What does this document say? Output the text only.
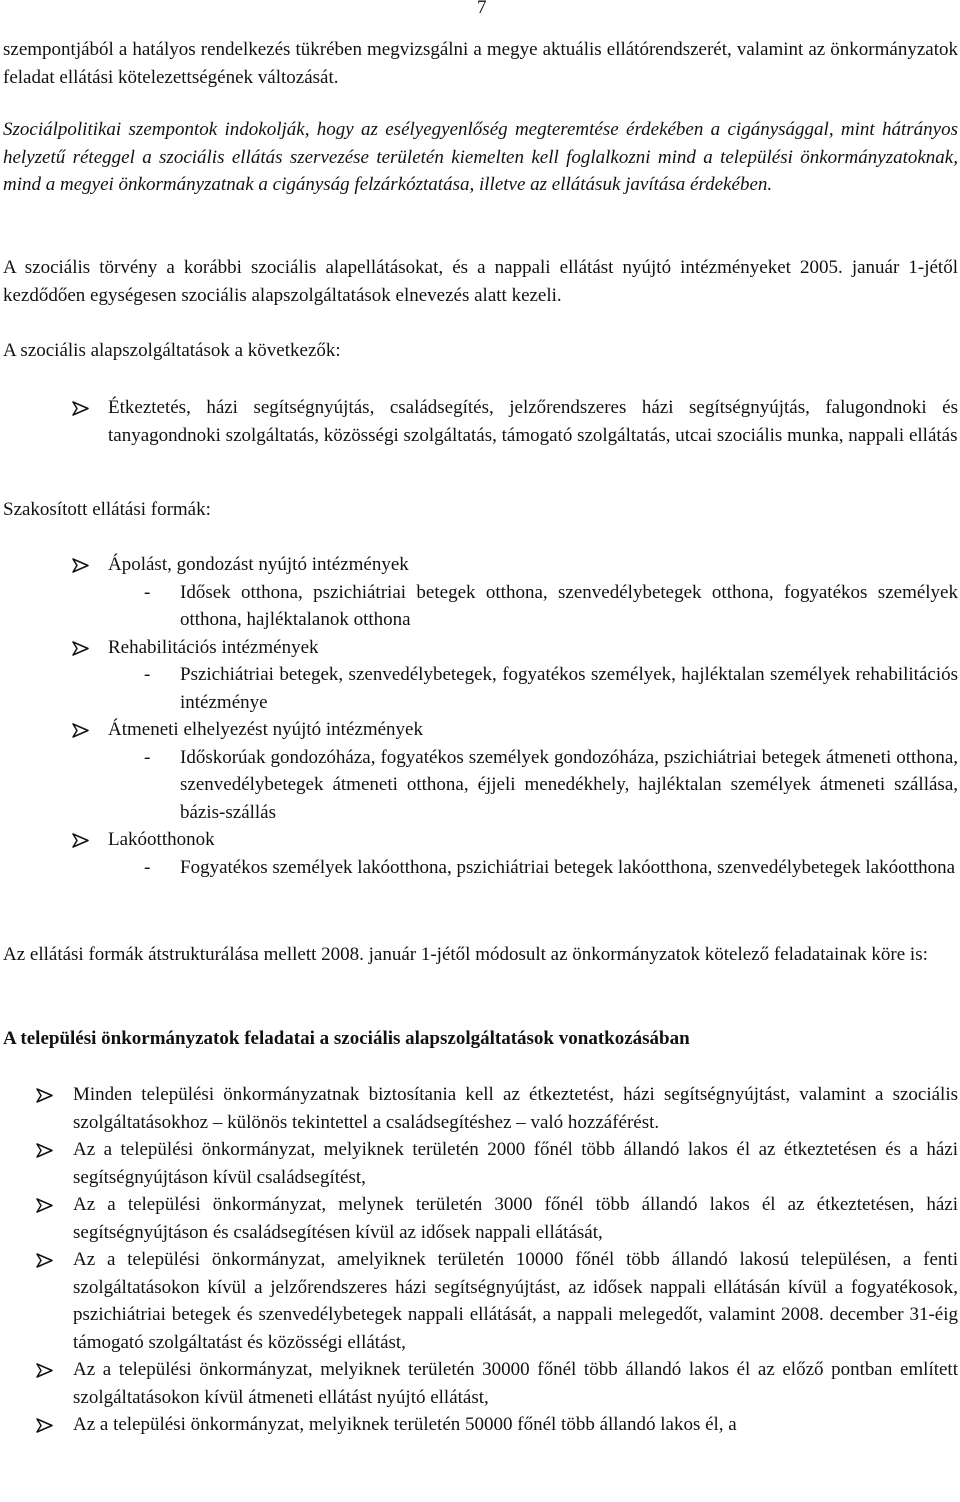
7

szempontjából a hatályos rendelkezés tükrében megvizsgálni a megye aktuális ellátórendszerét, valamint az önkormányzatok feladat ellátási kötelezettségének változását.

Szociálpolitikai szempontok indokolják, hogy az esélyegyenlőség megteremtése érdekében a cigánysággal, mint hátrányos helyzetű réteggel a szociális ellátás szervezése területén kiemelten kell foglalkozni mind a települési önkormányzatoknak, mind a megyei önkormányzatnak a cigányság felzárkóztatása, illetve az ellátásuk javítása érdekében.

A szociális törvény a korábbi szociális alapellátásokat, és a nappali ellátást nyújtó intézményeket 2005. január 1-jétől kezdődően egységesen szociális alapszolgáltatások elnevezés alatt kezeli.

A szociális alapszolgáltatások a következők:

Étkeztetés, házi segítségnyújtás, családsegítés, jelzőrendszeres házi segítségnyújtás, falugondnoki és tanyagondnoki szolgáltatás, közösségi szolgáltatás, támogató szolgáltatás, utcai szociális munka, nappali ellátás

Szakosított ellátási formák:

Ápolást, gondozást nyújtó intézmények
- Idősek otthona, pszichiátriai betegek otthona, szenvedélybetegek otthona, fogyatékos személyek otthona, hajléktalanok otthona
Rehabilitációs intézmények
- Pszichiátriai betegek, szenvedélybetegek, fogyatékos személyek, hajléktalan személyek rehabilitációs intézménye
Átmeneti elhelyezést nyújtó intézmények
- Időskorúak gondozóháza, fogyatékos személyek gondozóháza, pszichiátriai betegek átmeneti otthona, szenvedélybetegek átmeneti otthona, éjjeli menedékhely, hajléktalan személyek átmeneti szállása, bázis-szállás
Lakóotthonok
- Fogyatékos személyek lakóotthona, pszichiátriai betegek lakóotthona, szenvedélybetegek lakóotthona

Az ellátási formák átstrukturálása mellett 2008. január 1-jétől módosult az önkormányzatok kötelező feladatainak köre is:

A települési önkormányzatok feladatai a szociális alapszolgáltatások vonatkozásában

Minden települési önkormányzatnak biztosítania kell az étkeztetést, házi segítségnyújtást, valamint a szociális szolgáltatásokhoz – különös tekintettel a családsegítéshez – való hozzáférést.
Az a települési önkormányzat, melyiknek területén 2000 főnél több állandó lakos él az étkeztetésen és a házi segítségnyújtáson kívül családsegítést,
Az a települési önkormányzat, melynek területén 3000 főnél több állandó lakos él az étkeztetésen, házi segítségnyújtáson és családsegítésen kívül az idősek nappali ellátását,
Az a települési önkormányzat, amelyiknek területén 10000 főnél több állandó lakosú településen, a fenti szolgáltatásokon kívül a jelzőrendszeres házi segítségnyújtást, az idősek nappali ellátásán kívül a fogyatékosok, pszichiátriai betegek és szenvedélybetegek nappali ellátását, a nappali melegedőt, valamint 2008. december 31-éig támogató szolgáltatást és közösségi ellátást,
Az a települési önkormányzat, melyiknek területén 30000 főnél több állandó lakos él az előző pontban említett szolgáltatásokon kívül átmeneti ellátást nyújtó ellátást,
Az a települési önkormányzat, melyiknek területén 50000 főnél több állandó lakos él, a
